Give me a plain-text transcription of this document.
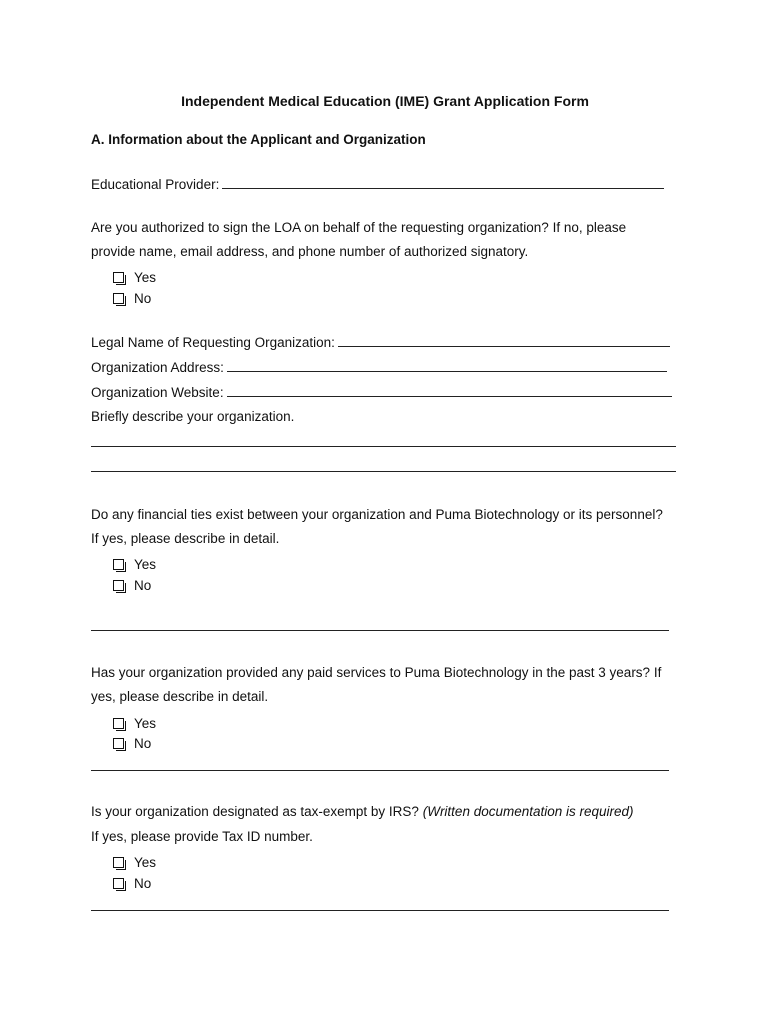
Independent Medical Education (IME) Grant Application Form
A. Information about the Applicant and Organization
Educational Provider:
Are you authorized to sign the LOA on behalf of the requesting organization? If no, please
provide name, email address, and phone number of authorized signatory.
Yes
No
Legal Name of Requesting Organization:
Organization Address:
Organization Website:
Briefly describe your organization.
Do any financial ties exist between your organization and Puma Biotechnology or its personnel?
If yes, please describe in detail.
Yes
No
Has your organization provided any paid services to Puma Biotechnology in the past 3 years? If
yes, please describe in detail.
Yes
No
Is your organization designated as tax-exempt by IRS? (Written documentation is required)
If yes, please provide Tax ID number.
Yes
No
